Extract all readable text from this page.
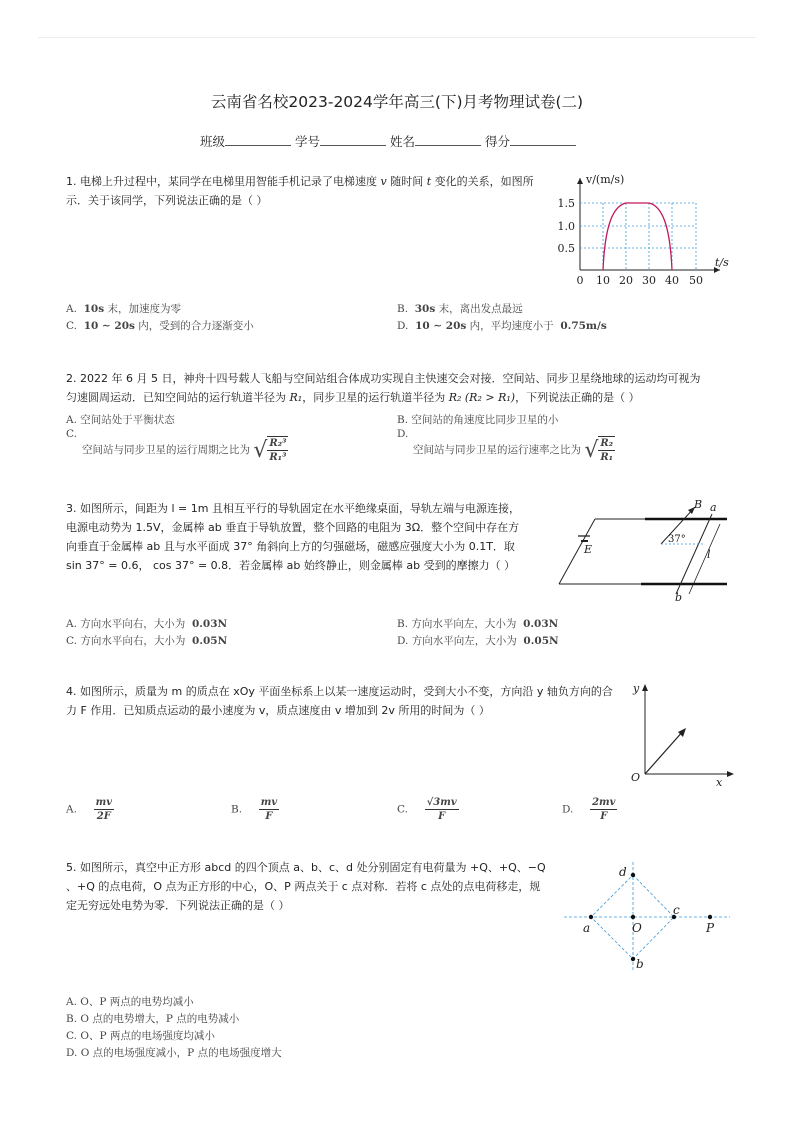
云南省名校2023-2024学年高三(下)月考物理试卷(二)
班级	学号	姓名	得分
1. 电梯上升过程中，某同学在电梯里用智能手机记录了电梯速度 v 随时间 t 变化的关系，如图所示．关于该同学，下列说法正确的是（ ）
v/(m/s)
t/s
1.5
1.0
0.5
0 10 20 30 40 50
A. 10s 末，加速度为零	B. 30s 末，离出发点最远
C. 10 ∼ 20s 内，受到的合力逐渐变小	D. 10 ∼ 20s 内，平均速度小于 0.75m/s
2. 2022 年 6 月 5 日，神舟十四号载人飞船与空间站组合体成功实现自主快速交会对接．空间站、同步卫星绕地球的运动均可视为
匀速圆周运动．已知空间站的运行轨道半径为 R₁，同步卫星的运行轨道半径为 R₂ (R₂ > R₁)，下列说法正确的是（ ）
A. 空间站处于平衡状态	B. 空间站的角速度比同步卫星的小
C.
空间站与同步卫星的运行周期之比为 √ $\frac{\text{R₂³}}{\text{R₁³}}$
D.
空间站与同步卫星的运行速率之比为 √ $\frac{\text{R₂}}{\text{R₁}}$
3. 如图所示，间距为 l = 1m 且相互平行的导轨固定在水平绝缘桌面，导轨左端与电源连接，
电源电动势为 1.5V，金属棒 ab 垂直于导轨放置，整个回路的电阻为 3Ω．整个空间中存在方
向垂直于金属棒 ab 且与水平面成 37° 角斜向上方的匀强磁场，磁感应强度大小为 0.1T．取
sin 37° = 0.6， cos 37° = 0.8．若金属棒 ab 始终静止，则金属棒 ab 受到的摩擦力（ ）
E
a
b
l
B
37°
A. 方向水平向右，大小为 0.03N	B. 方向水平向左，大小为 0.03N
C. 方向水平向右，大小为 0.05N	D. 方向水平向左，大小为 0.05N
4. 如图所示，质量为 m 的质点在 xOy 平面坐标系上以某一速度运动时，受到大小不变，方向沿 y 轴负方向的合
力 F 作用．已知质点运动的最小速度为 v，质点速度由 v 增加到 2v 所用的时间为（ ）
y
x
O
A. $\frac{mv}{2F}$	B. $\frac{mv}{F}$	C. $\frac{√3mv}{F}$	D. $\frac{2mv}{F}$
5. 如图所示，真空中正方形 abcd 的四个顶点 a、b、c、d 处分别固定有电荷量为 +Q、+Q、−Q
、+Q 的点电荷，O 点为正方形的中心，O、P 两点关于 c 点对称．若将 c 点处的点电荷移走，规
定无穷远处电势为零．下列说法正确的是（ ）
d
c
b
a	O	P
A. O、P 两点的电势均减小
B. O 点的电势增大，P 点的电势减小
C. O、P 两点的电场强度均减小
D. O 点的电场强度减小，P 点的电场强度增大
